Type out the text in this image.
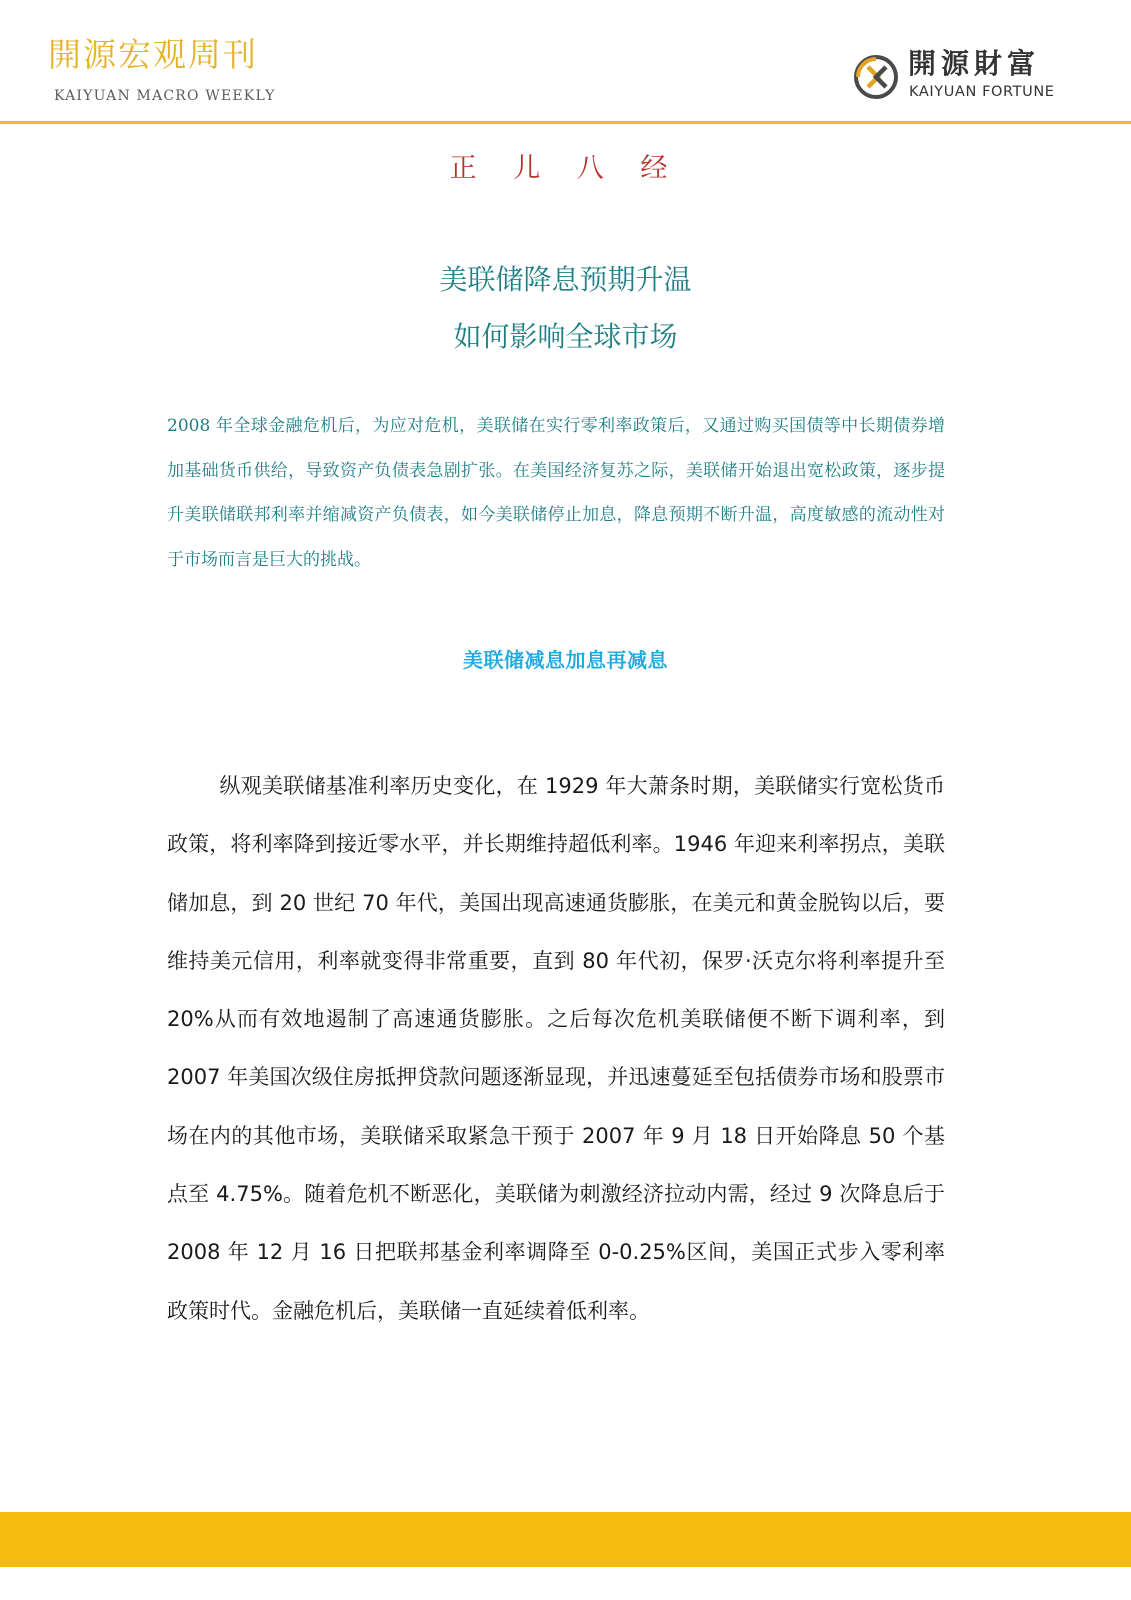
開源宏观周刊
KAIYUAN MACRO WEEKLY
開源財富
KAIYUAN FORTUNE
正 儿 八 经
美联储降息预期升温
如何影响全球市场
2008 年全球金融危机后，为应对危机，美联储在实行零利率政策后，又通过购买国债等中长期债券增加基础货币供给，导致资产负债表急剧扩张。在美国经济复苏之际，美联储开始退出宽松政策，逐步提升美联储联邦利率并缩减资产负债表，如今美联储停止加息，降息预期不断升温，高度敏感的流动性对于市场而言是巨大的挑战。
美联储减息加息再减息

纵观美联储基准利率历史变化，在 1929 年大萧条时期，美联储实行宽松货币政策，将利率降到接近零水平，并长期维持超低利率。1946 年迎来利率拐点，美联储加息，到 20 世纪 70 年代，美国出现高速通货膨胀，在美元和黄金脱钩以后，要维持美元信用，利率就变得非常重要，直到 80 年代初，保罗·沃克尔将利率提升至 20%从而有效地遏制了高速通货膨胀。之后每次危机美联储便不断下调利率，到 2007 年美国次级住房抵押贷款问题逐渐显现，并迅速蔓延至包括债券市场和股票市场在内的其他市场，美联储采取紧急干预于 2007 年 9 月 18 日开始降息 50 个基点至 4.75%。随着危机不断恶化，美联储为刺激经济拉动内需，经过 9 次降息后于 2008 年 12 月 16 日把联邦基金利率调降至 0-0.25%区间，美国正式步入零利率政策时代。金融危机后，美联储一直延续着低利率。
